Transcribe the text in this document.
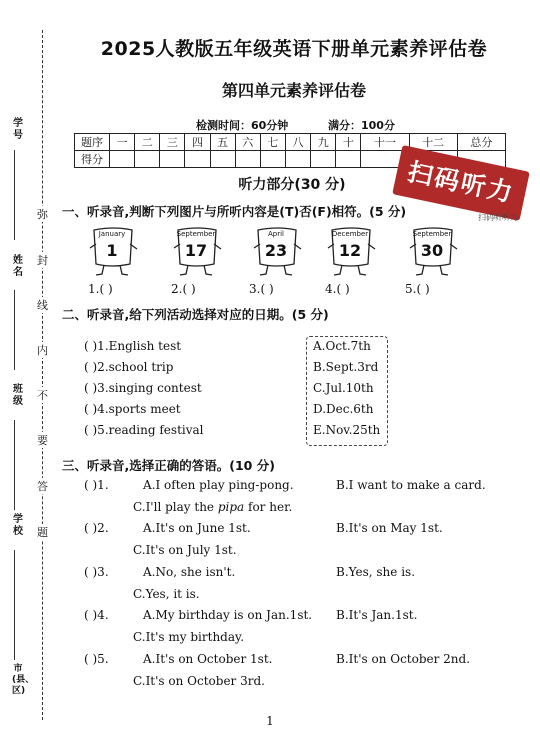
学号
姓名
班级
学校
市(县、区)
弥
封
线
内
不
要
答
题
2025人教版五年级英语下册单元素养评估卷
第四单元素养评估卷
检测时间：60分钟	满分：100分
题序	一	二	三	四	五	六	七	八	九	十	十一	十二	总分
得分													
听力部分(30 分)	扫码听力
扫码听听力
一、听录音,判断下列图片与所听内容是(T)否(F)相符。(5 分)
January
1
September
17
April
23
December
12
September
30
1.( )	2.( )	3.( )	4.( )	5.( )
二、听录音,给下列活动选择对应的日期。(5 分)
( )1.English test
( )2.school trip
( )3.singing contest
( )4.sports meet
( )5.reading festival
A.Oct.7th
B.Sept.3rd
C.Jul.10th
D.Dec.6th
E.Nov.25th
三、听录音,选择正确的答语。(10 分)
( )1.	A.I often play ping-pong.	B.I want to make a card.
C.I'll play the pipa for her.
( )2.	A.It's on June 1st.	B.It's on May 1st.
C.It's on July 1st.
( )3.	A.No, she isn't.	B.Yes, she is.
C.Yes, it is.
( )4.	A.My birthday is on Jan.1st. B.It's Jan.1st.
C.It's my birthday.
( )5.	A.It's on October 1st.	B.It's on October 2nd.
C.It's on October 3rd.
1
